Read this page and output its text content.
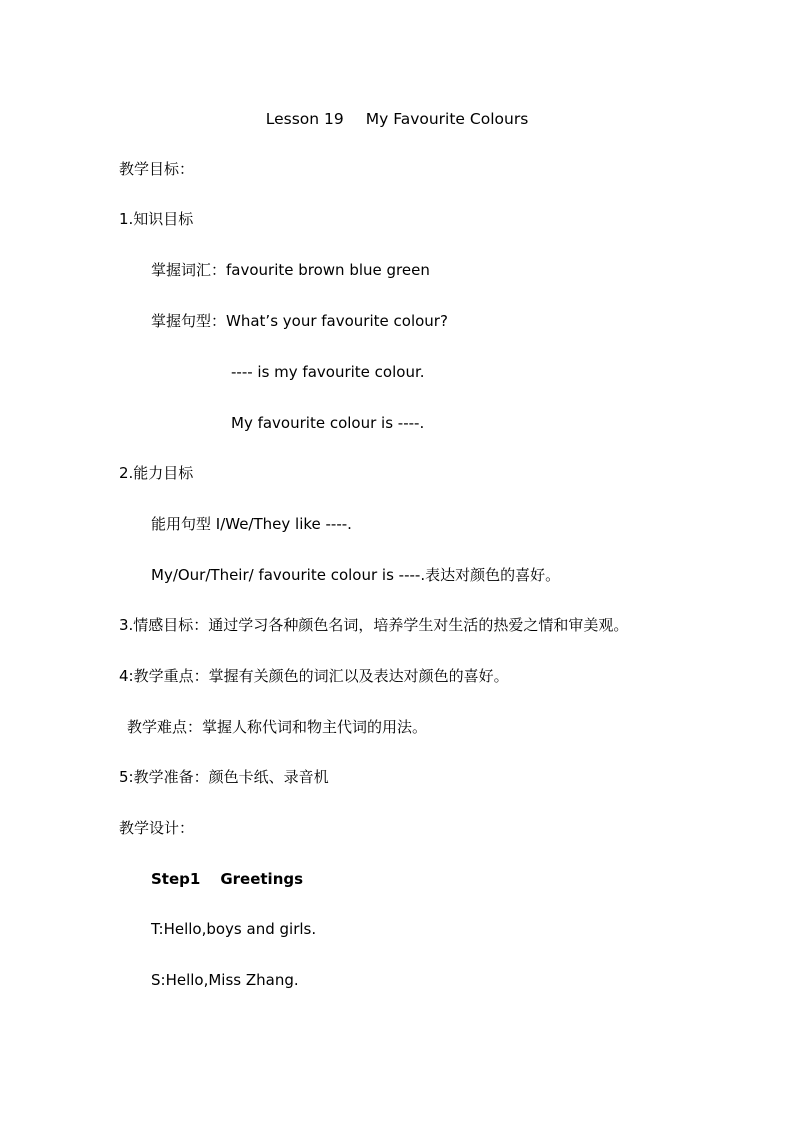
Lesson 19 My Favourite Colours
教学目标：
1.知识目标
掌握词汇：favourite brown blue green
掌握句型：What’s your favourite colour?
---- is my favourite colour.
My favourite colour is ----.
2.能力目标
能用句型 I/We/They like ----.
My/Our/Their/ favourite colour is ----.表达对颜色的喜好。
3.情感目标：通过学习各种颜色名词，培养学生对生活的热爱之情和审美观。
4:教学重点：掌握有关颜色的词汇以及表达对颜色的喜好。
教学难点：掌握人称代词和物主代词的用法。
5:教学准备：颜色卡纸、录音机
教学设计：
Step1 Greetings
T:Hello,boys and girls.
S:Hello,Miss Zhang.
